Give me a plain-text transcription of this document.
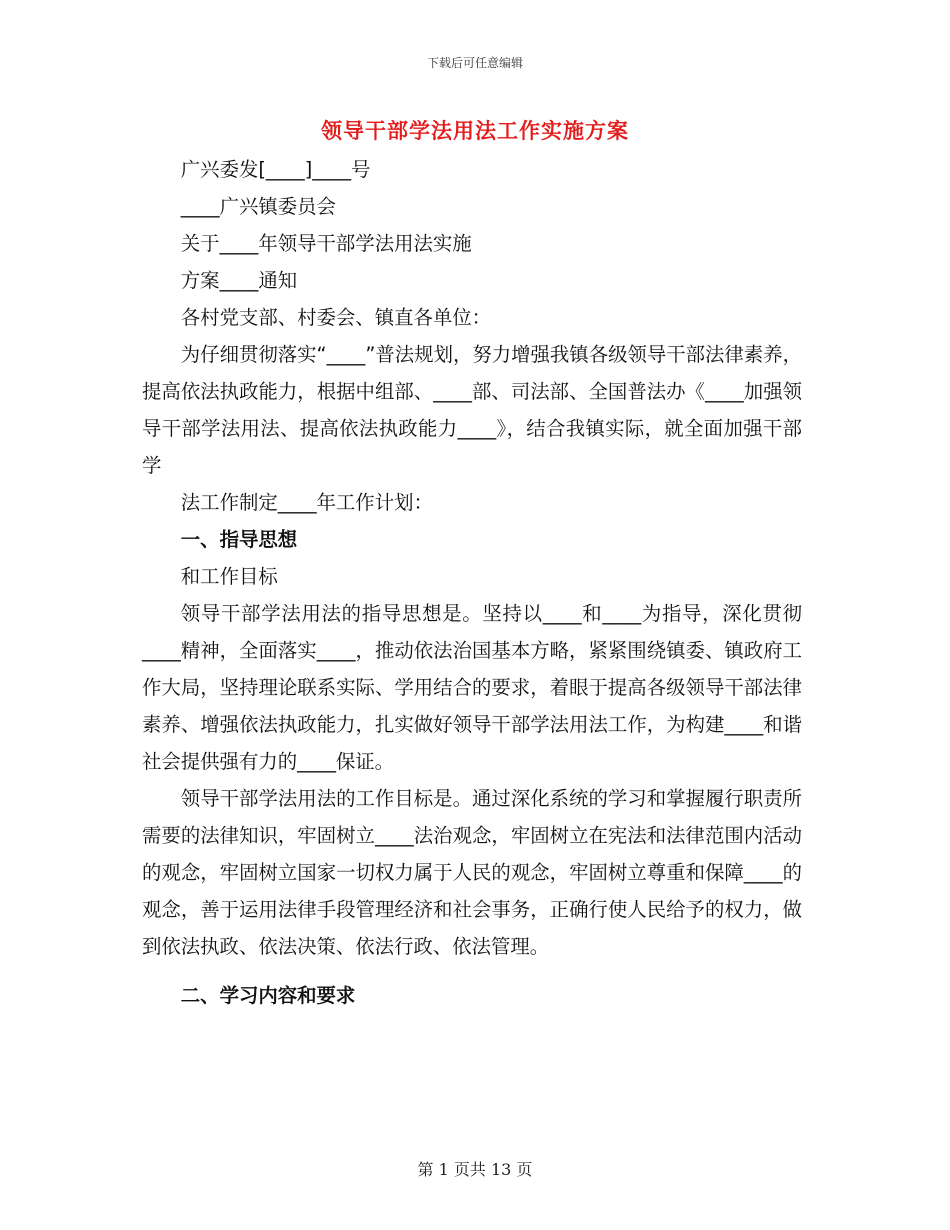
下载后可任意编辑
领导干部学法用法工作实施方案

广兴委发[____]____号

____广兴镇委员会

关于____年领导干部学法用法实施

方案____通知

各村党支部、村委会、镇直各单位：

为仔细贯彻落实“____”普法规划，努力增强我镇各级领导干部法律素养，提高依法执政能力，根据中组部、____部、司法部、全国普法办《____加强领导干部学法用法、提高依法执政能力____》，结合我镇实际，就全面加强干部学

法工作制定____年工作计划：

一、指导思想

和工作目标

领导干部学法用法的指导思想是。坚持以____和____为指导，深化贯彻____精神，全面落实____，推动依法治国基本方略，紧紧围绕镇委、镇政府工作大局，坚持理论联系实际、学用结合的要求，着眼于提高各级领导干部法律素养、增强依法执政能力，扎实做好领导干部学法用法工作，为构建____和谐社会提供强有力的____保证。

领导干部学法用法的工作目标是。通过深化系统的学习和掌握履行职责所需要的法律知识，牢固树立____法治观念，牢固树立在宪法和法律范围内活动的观念，牢固树立国家一切权力属于人民的观念，牢固树立尊重和保障____的观念，善于运用法律手段管理经济和社会事务，正确行使人民给予的权力，做到依法执政、依法决策、依法行政、依法管理。

二、学习内容和要求

第 1 页共 13 页
